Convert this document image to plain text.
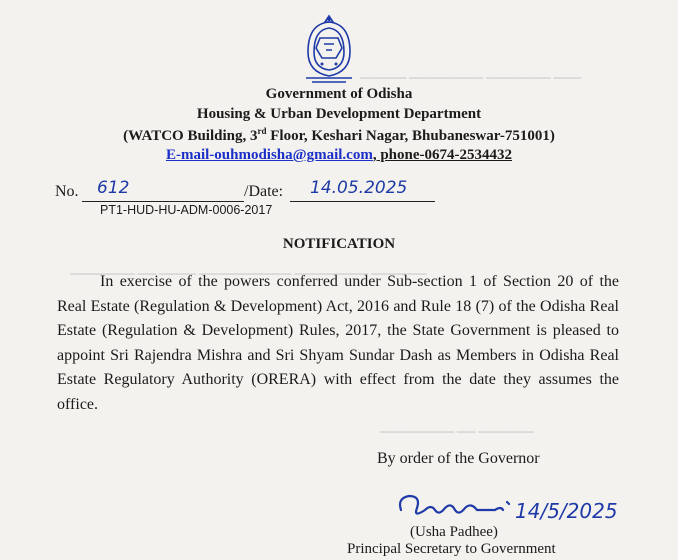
▁▁▁▁▁ ▁▁▁▁▁▁▁▁ ▁▁▁▁▁▁▁ ▁▁▁
▁▁▁▁▁▁▁ ▁▁ ▁▁▁▁ ▁▁▁▁▁▁▁▁▁▁ ▁▁▁▁▁▁▁▁ ▁▁▁▁▁▁
▁▁▁▁▁▁▁▁ ▁▁ ▁▁▁▁▁▁
Government of Odisha
Housing & Urban Development Department
(WATCO Building, 3rd Floor, Keshari Nagar, Bhubaneswar-751001)
E-mail-ouhmodisha@gmail.com, phone-0674-2534432
No. 612	/Date: 14.05.2025
PT1-HUD-HU-ADM-0006-2017
NOTIFICATION

In exercise of the powers conferred under Sub-section 1 of Section 20 of the Real Estate (Regulation & Development) Act, 2016 and Rule 18 (7) of the Odisha Real Estate (Regulation & Development) Rules, 2017, the State Government is pleased to appoint Sri Rajendra Mishra and Sri Shyam Sundar Dash as Members in Odisha Real Estate Regulatory Authority (ORERA) with effect from the date they assumes the office.

By order of the Governor
14/5/2025
(Usha Padhee)
Principal Secretary to Government
